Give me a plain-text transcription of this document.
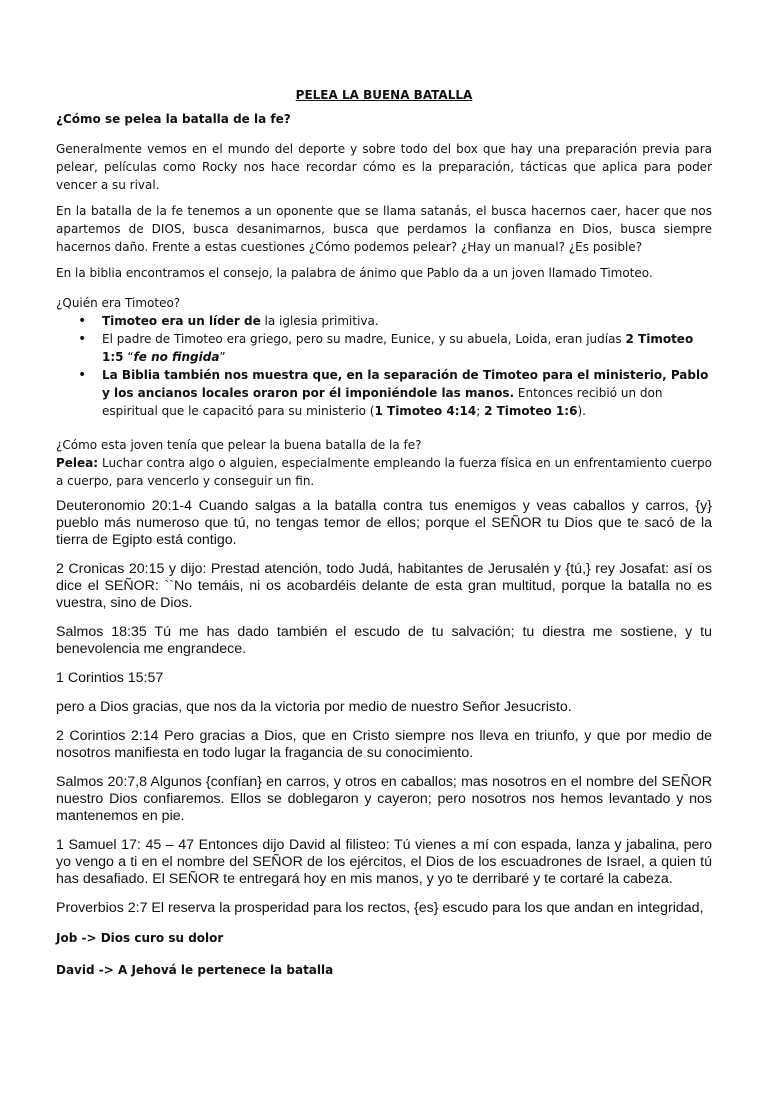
PELEA LA BUENA BATALLA

¿Cómo se pelea la batalla de la fe?

Generalmente vemos en el mundo del deporte y sobre todo del box que hay una preparación previa para pelear, películas como Rocky nos hace recordar cómo es la preparación, tácticas que aplica para poder vencer a su rival.

En la batalla de la fe tenemos a un oponente que se llama satanás, el busca hacernos caer, hacer que nos apartemos de DIOS, busca desanimarnos, busca que perdamos la confianza en Dios, busca siempre hacernos daño. Frente a estas cuestiones ¿Cómo podemos pelear? ¿Hay un manual? ¿Es posible?

En la biblia encontramos el consejo, la palabra de ánimo que Pablo da a un joven llamado Timoteo.

¿Quién era Timoteo?

• Timoteo era un líder de la iglesia primitiva.
• El padre de Timoteo era griego, pero su madre, Eunice, y su abuela, Loida, eran judías 2 Timoteo 1:5 “fe no fingida”
• La Biblia también nos muestra que, en la separación de Timoteo para el ministerio, Pablo y los ancianos locales oraron por él imponiéndole las manos. Entonces recibió un don espiritual que le capacitó para su ministerio (1 Timoteo 4:14; 2 Timoteo 1:6).

¿Cómo esta joven tenía que pelear la buena batalla de la fe?

Pelea: Luchar contra algo o alguien, especialmente empleando la fuerza física en un enfrentamiento cuerpo a cuerpo, para vencerlo y conseguir un fin.

Deuteronomio 20:1-4 Cuando salgas a la batalla contra tus enemigos y veas caballos y carros, {y} pueblo más numeroso que tú, no tengas temor de ellos; porque el SEÑOR tu Dios que te sacó de la tierra de Egipto está contigo.

2 Cronicas 20:15 y dijo: Prestad atención, todo Judá, habitantes de Jerusalén y {tú,} rey Josafat: así os dice el SEÑOR: ``No temáis, ni os acobardéis delante de esta gran multitud, porque la batalla no es vuestra, sino de Dios.

Salmos 18:35 Tú me has dado también el escudo de tu salvación; tu diestra me sostiene, y tu benevolencia me engrandece.

1 Corintios 15:57

pero a Dios gracias, que nos da la victoria por medio de nuestro Señor Jesucristo.

2 Corintios 2:14 Pero gracias a Dios, que en Cristo siempre nos lleva en triunfo, y que por medio de nosotros manifiesta en todo lugar la fragancia de su conocimiento.

Salmos 20:7,8 Algunos {confían} en carros, y otros en caballos; mas nosotros en el nombre del SEÑOR nuestro Dios confiaremos. Ellos se doblegaron y cayeron; pero nosotros nos hemos levantado y nos mantenemos en pie.

1 Samuel 17: 45 – 47 Entonces dijo David al filisteo: Tú vienes a mí con espada, lanza y jabalina, pero yo vengo a ti en el nombre del SEÑOR de los ejércitos, el Dios de los escuadrones de Israel, a quien tú has desafiado. El SEÑOR te entregará hoy en mis manos, y yo te derribaré y te cortaré la cabeza.

Proverbios 2:7 El reserva la prosperidad para los rectos, {es} escudo para los que andan en integridad,

Job -> Dios curo su dolor

David -> A Jehová le pertenece la batalla
